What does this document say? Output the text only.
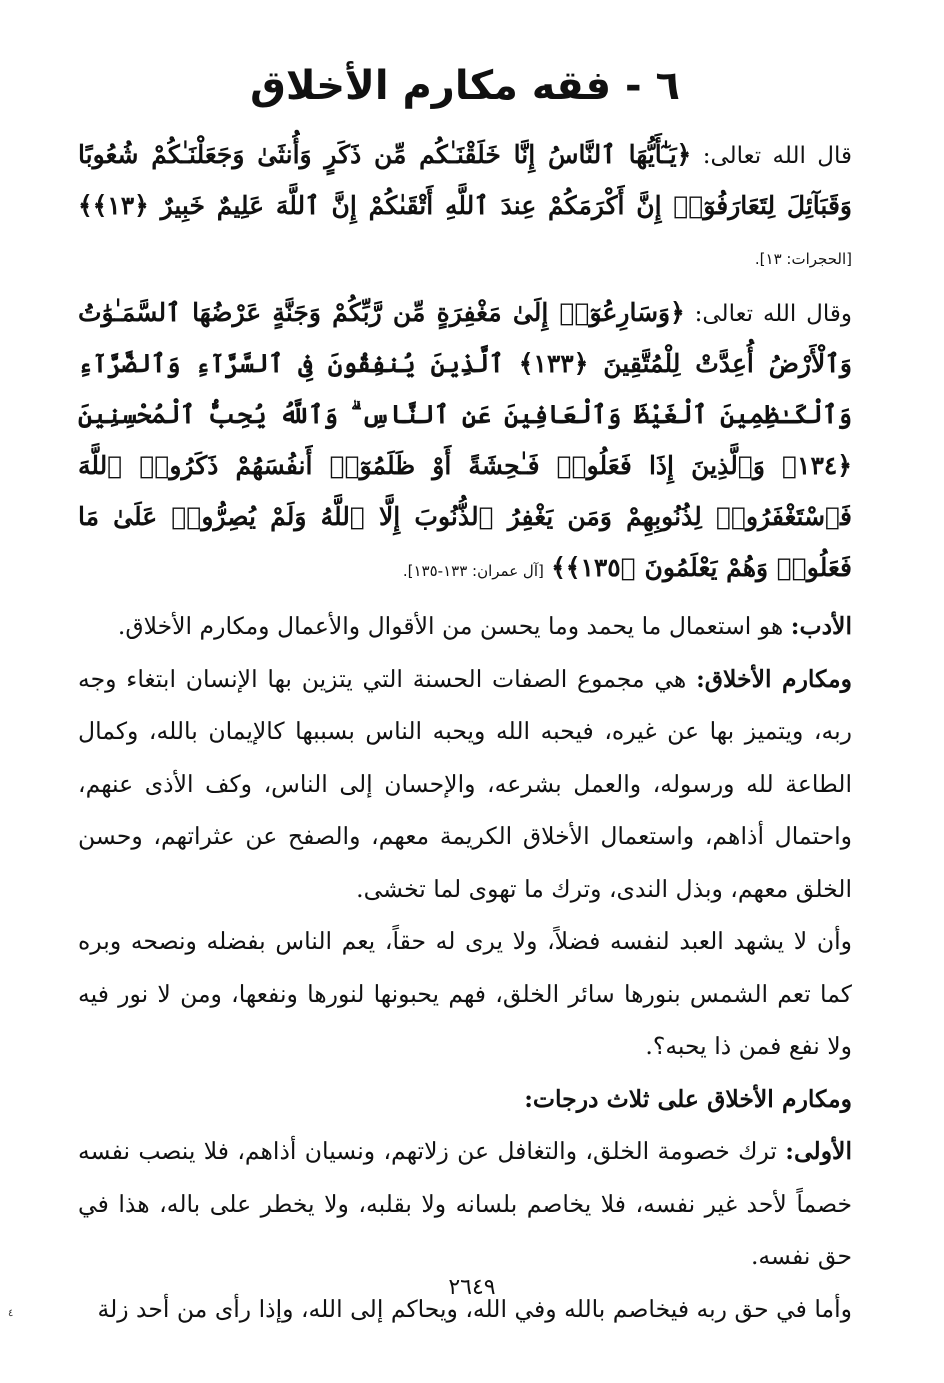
٦ - فقه مكارم الأخلاق

قال الله تعالى: ﴿يَـٰٓأَيُّهَا ٱلنَّاسُ إِنَّا خَلَقْنَـٰكُم مِّن ذَكَرٍ وَأُنثَىٰ وَجَعَلْنَـٰكُمْ شُعُوبًا وَقَبَآئِلَ لِتَعَارَفُوٓا۟ إِنَّ أَكْرَمَكُمْ عِندَ ٱللَّهِ أَتْقَىٰكُمْ إِنَّ ٱللَّهَ عَلِيمٌ خَبِيرٌ ﴿١٣﴾﴾ [الحجرات: ١٣].

وقال الله تعالى: ﴿وَسَارِعُوٓا۟ إِلَىٰ مَغْفِرَةٍ مِّن رَّبِّكُمْ وَجَنَّةٍ عَرْضُهَا ٱلسَّمَـٰوَٰتُ وَٱلْأَرْضُ أُعِدَّتْ لِلْمُتَّقِينَ ﴿١٣٣﴾ ٱلَّذِينَ يُنفِقُونَ فِى ٱلسَّرَّآءِ وَٱلضَّرَّآءِ وَٱلْكَـٰظِمِينَ ٱلْغَيْظَ وَٱلْعَافِينَ عَنِ ٱلنَّاسِ ۗ وَٱللَّهُ يُحِبُّ ٱلْمُحْسِنِينَ ﴿١٣٤﴾ وَٱلَّذِينَ إِذَا فَعَلُوا۟ فَـٰحِشَةً أَوْ ظَلَمُوٓا۟ أَنفُسَهُمْ ذَكَرُوا۟ ٱللَّهَ فَٱسْتَغْفَرُوا۟ لِذُنُوبِهِمْ وَمَن يَغْفِرُ ٱلذُّنُوبَ إِلَّا ٱللَّهُ وَلَمْ يُصِرُّوا۟ عَلَىٰ مَا فَعَلُوا۟ وَهُمْ يَعْلَمُونَ ﴿١٣٥﴾﴾ [آل عمران: ١٣٣-١٣٥].

الأدب: هو استعمال ما يحمد وما يحسن من الأقوال والأعمال ومكارم الأخلاق.

ومكارم الأخلاق: هي مجموع الصفات الحسنة التي يتزين بها الإنسان ابتغاء وجه ربه، ويتميز بها عن غيره، فيحبه الله ويحبه الناس بسببها كالإيمان بالله، وكمال الطاعة لله ورسوله، والعمل بشرعه، والإحسان إلى الناس، وكف الأذى عنهم، واحتمال أذاهم، واستعمال الأخلاق الكريمة معهم، والصفح عن عثراتهم، وحسن الخلق معهم، وبذل الندى، وترك ما تهوى لما تخشى.

وأن لا يشهد العبد لنفسه فضلاً، ولا يرى له حقاً، يعم الناس بفضله ونصحه وبره كما تعم الشمس بنورها سائر الخلق، فهم يحبونها لنورها ونفعها، ومن لا نور فيه ولا نفع فمن ذا يحبه؟.

ومكارم الأخلاق على ثلاث درجات:

الأولى: ترك خصومة الخلق، والتغافل عن زلاتهم، ونسيان أذاهم، فلا ينصب نفسه خصماً لأحد غير نفسه، فلا يخاصم بلسانه ولا بقلبه، ولا يخطر على باله، هذا في حق نفسه.

وأما في حق ربه فيخاصم بالله وفي الله، ويحاكم إلى الله، وإذا رأى من أحد زلة

٢٦٤٩
٤
